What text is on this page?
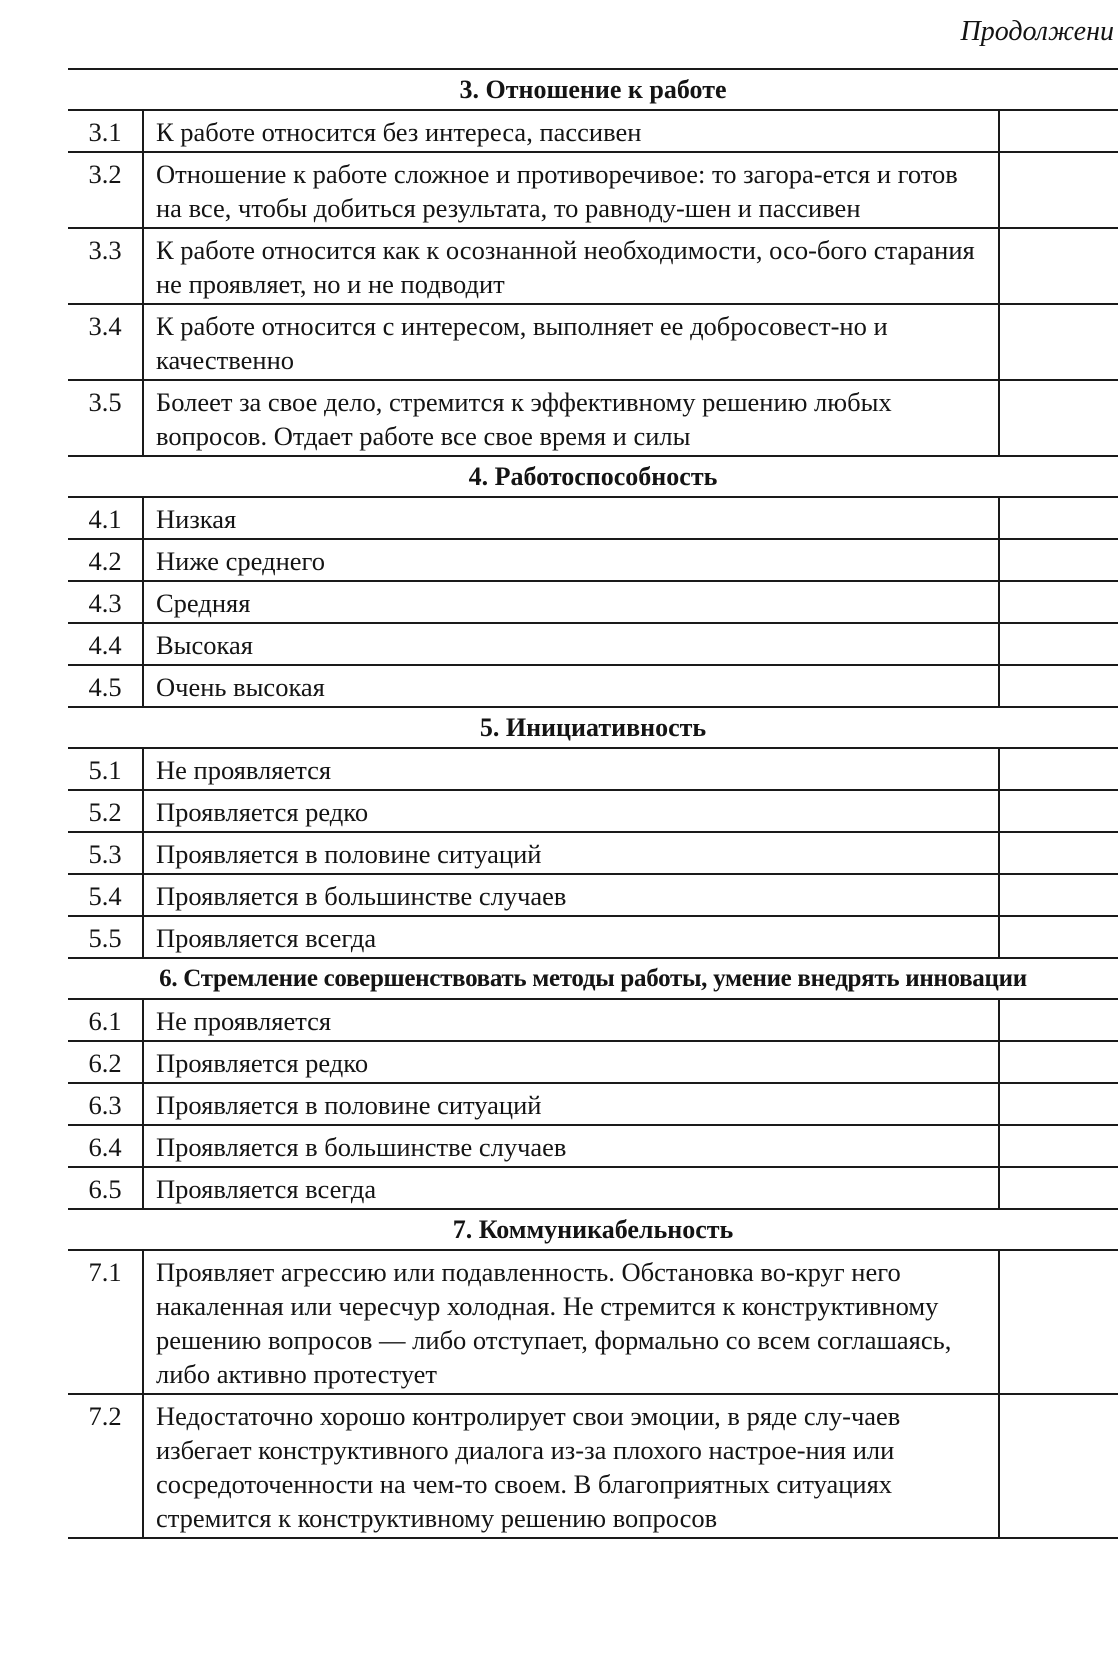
Продолжени
3. Отношение к работе		
3.1	К работе относится без интереса, пассивен	
3.2	Отношение к работе сложное и противоречивое: то загора-ется и готов на все, чтобы добиться результата, то равноду-шен и пассивен	
3.3	К работе относится как к осознанной необходимости, осо-бого старания не проявляет, но и не подводит	
3.4	К работе относится с интересом, выполняет ее добросовест-но и качественно	
3.5	Болеет за свое дело, стремится к эффективному решению любых вопросов. Отдает работе все свое время и силы	
4. Работоспособность		
4.1	Низкая	
4.2	Ниже среднего	
4.3	Средняя	
4.4	Высокая	
4.5	Очень высокая	
5. Инициативность		
5.1	Не проявляется	
5.2	Проявляется редко	
5.3	Проявляется в половине ситуаций	
5.4	Проявляется в большинстве случаев	
5.5	Проявляется всегда	
6. Стремление совершенствовать методы работы, умение внедрять инновации		
6.1	Не проявляется	
6.2	Проявляется редко	
6.3	Проявляется в половине ситуаций	
6.4	Проявляется в большинстве случаев	
6.5	Проявляется всегда	
7. Коммуникабельность		
7.1	Проявляет агрессию или подавленность. Обстановка во-круг него накаленная или чересчур холодная. Не стремится к конструктивному решению вопросов — либо отступает, формально со всем соглашаясь, либо активно протестует	
7.2	Недостаточно хорошо контролирует свои эмоции, в ряде слу-чаев избегает конструктивного диалога из-за плохого настрое-ния или сосредоточенности на чем-то своем. В благоприятных ситуациях стремится к конструктивному решению вопросов	
